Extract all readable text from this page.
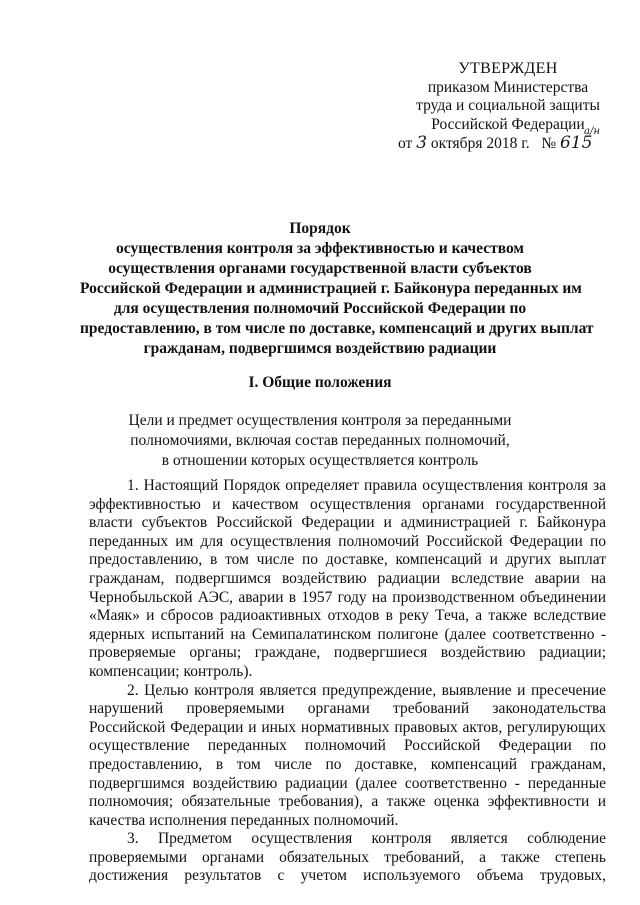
УТВЕРЖДЕН
приказом Министерства
труда и социальной защиты
Российской Федерации
от 3 октября 2018 г. № 615
а/н
Порядок
осуществления контроля за эффективностью и качеством
осуществления органами государственной власти субъектов
Российской Федерации и администрацией г. Байконура переданных им
для осуществления полномочий Российской Федерации по
предоставлению, в том числе по доставке, компенсаций и других выплат
гражданам, подвергшимся воздействию радиации
I. Общие положения
Цели и предмет осуществления контроля за переданными
полномочиями, включая состав переданных полномочий,
в отношении которых осуществляется контроль
1. Настоящий Порядок определяет правила осуществления контроля за
эффективностью и качеством осуществления органами государственной
власти субъектов Российской Федерации и администрацией г. Байконура
переданных им для осуществления полномочий Российской Федерации по
предоставлению, в том числе по доставке, компенсаций и других выплат
гражданам, подвергшимся воздействию радиации вследствие аварии на
Чернобыльской АЭС, аварии в 1957 году на производственном объединении
«Маяк» и сбросов радиоактивных отходов в реку Теча, а также вследствие
ядерных испытаний на Семипалатинском полигоне (далее соответственно -
проверяемые органы; граждане, подвергшиеся воздействию радиации;
компенсации; контроль).
2. Целью контроля является предупреждение, выявление и пресечение
нарушений проверяемыми органами требований законодательства
Российской Федерации и иных нормативных правовых актов, регулирующих
осуществление переданных полномочий Российской Федерации по
предоставлению, в том числе по доставке, компенсаций гражданам,
подвергшимся воздействию радиации (далее соответственно - переданные
полномочия; обязательные требования), а также оценка эффективности и
качества исполнения переданных полномочий.
3. Предметом осуществления контроля является соблюдение
проверяемыми органами обязательных требований, а также степень
достижения результатов с учетом используемого объема трудовых,
